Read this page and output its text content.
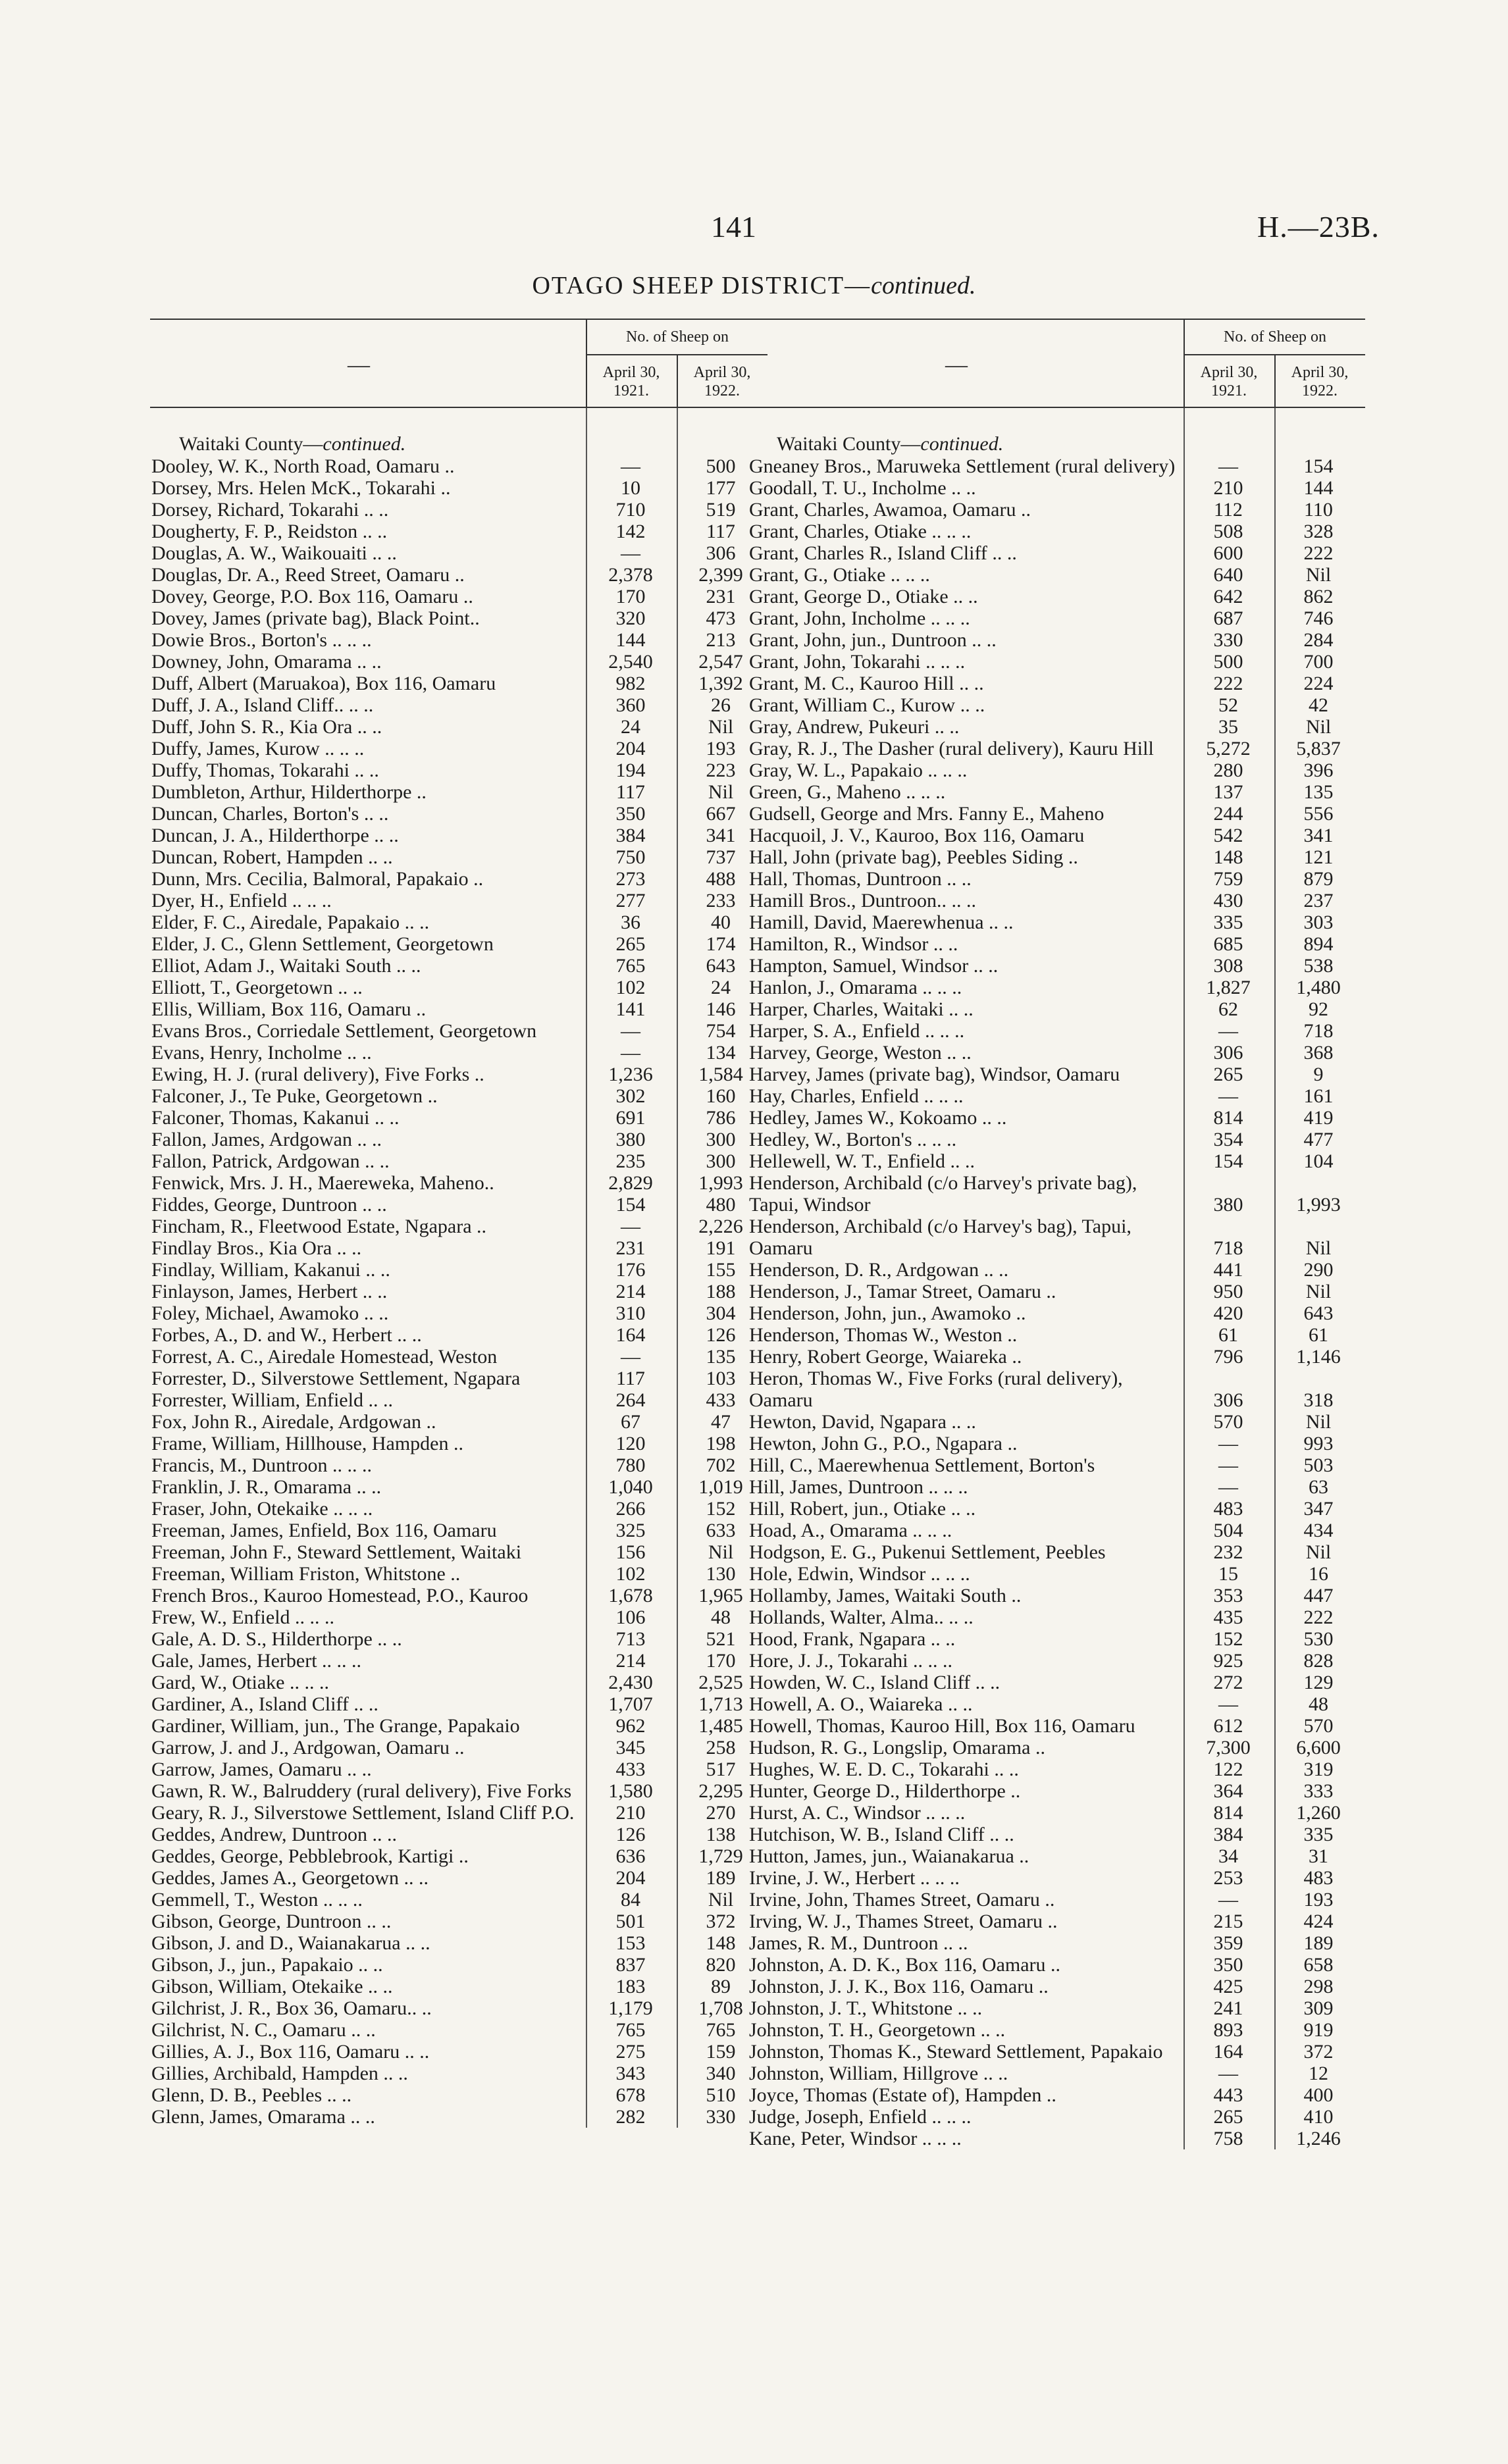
141	H.—23B.
OTAGO SHEEP DISTRICT—continued.
—
No. of Sheep on
April 30, 1921.
April 30, 1922.
Waitaki County—continued.
Dooley, W. K., North Road, Oamaru ..	—	500
Dorsey, Mrs. Helen McK., Tokarahi ..	10	177
Dorsey, Richard, Tokarahi .. ..	710	519
Dougherty, F. P., Reidston .. ..	142	117
Douglas, A. W., Waikouaiti .. ..	—	306
Douglas, Dr. A., Reed Street, Oamaru ..	2,378	2,399
Dovey, George, P.O. Box 116, Oamaru ..	170	231
Dovey, James (private bag), Black Point..	320	473
Dowie Bros., Borton's .. .. ..	144	213
Downey, John, Omarama .. ..	2,540	2,547
Duff, Albert (Maruakoa), Box 116, Oamaru	982	1,392
Duff, J. A., Island Cliff.. .. ..	360	26
Duff, John S. R., Kia Ora .. ..	24	Nil
Duffy, James, Kurow .. .. ..	204	193
Duffy, Thomas, Tokarahi .. ..	194	223
Dumbleton, Arthur, Hilderthorpe ..	117	Nil
Duncan, Charles, Borton's .. ..	350	667
Duncan, J. A., Hilderthorpe .. ..	384	341
Duncan, Robert, Hampden .. ..	750	737
Dunn, Mrs. Cecilia, Balmoral, Papakaio ..	273	488
Dyer, H., Enfield .. .. ..	277	233
Elder, F. C., Airedale, Papakaio .. ..	36	40
Elder, J. C., Glenn Settlement, Georgetown	265	174
Elliot, Adam J., Waitaki South .. ..	765	643
Elliott, T., Georgetown .. ..	102	24
Ellis, William, Box 116, Oamaru ..	141	146
Evans Bros., Corriedale Settlement, Georgetown	—	754
Evans, Henry, Incholme .. ..	—	134
Ewing, H. J. (rural delivery), Five Forks ..	1,236	1,584
Falconer, J., Te Puke, Georgetown ..	302	160
Falconer, Thomas, Kakanui .. ..	691	786
Fallon, James, Ardgowan .. ..	380	300
Fallon, Patrick, Ardgowan .. ..	235	300
Fenwick, Mrs. J. H., Maereweka, Maheno..	2,829	1,993
Fiddes, George, Duntroon .. ..	154	480
Fincham, R., Fleetwood Estate, Ngapara ..	—	2,226
Findlay Bros., Kia Ora .. ..	231	191
Findlay, William, Kakanui .. ..	176	155
Finlayson, James, Herbert .. ..	214	188
Foley, Michael, Awamoko .. ..	310	304
Forbes, A., D. and W., Herbert .. ..	164	126
Forrest, A. C., Airedale Homestead, Weston	—	135
Forrester, D., Silverstowe Settlement, Ngapara	117	103
Forrester, William, Enfield .. ..	264	433
Fox, John R., Airedale, Ardgowan ..	67	47
Frame, William, Hillhouse, Hampden ..	120	198
Francis, M., Duntroon .. .. ..	780	702
Franklin, J. R., Omarama .. ..	1,040	1,019
Fraser, John, Otekaike .. .. ..	266	152
Freeman, James, Enfield, Box 116, Oamaru	325	633
Freeman, John F., Steward Settlement, Waitaki	156	Nil
Freeman, William Friston, Whitstone ..	102	130
French Bros., Kauroo Homestead, P.O., Kauroo	1,678	1,965
Frew, W., Enfield .. .. ..	106	48
Gale, A. D. S., Hilderthorpe .. ..	713	521
Gale, James, Herbert .. .. ..	214	170
Gard, W., Otiake .. .. ..	2,430	2,525
Gardiner, A., Island Cliff .. ..	1,707	1,713
Gardiner, William, jun., The Grange, Papakaio	962	1,485
Garrow, J. and J., Ardgowan, Oamaru ..	345	258
Garrow, James, Oamaru .. ..	433	517
Gawn, R. W., Balruddery (rural delivery), Five Forks	1,580	2,295
Geary, R. J., Silverstowe Settlement, Island Cliff P.O.	210	270
Geddes, Andrew, Duntroon .. ..	126	138
Geddes, George, Pebblebrook, Kartigi ..	636	1,729
Geddes, James A., Georgetown .. ..	204	189
Gemmell, T., Weston .. .. ..	84	Nil
Gibson, George, Duntroon .. ..	501	372
Gibson, J. and D., Waianakarua .. ..	153	148
Gibson, J., jun., Papakaio .. ..	837	820
Gibson, William, Otekaike .. ..	183	89
Gilchrist, J. R., Box 36, Oamaru.. ..	1,179	1,708
Gilchrist, N. C., Oamaru .. ..	765	765
Gillies, A. J., Box 116, Oamaru .. ..	275	159
Gillies, Archibald, Hampden .. ..	343	340
Glenn, D. B., Peebles .. ..	678	510
Glenn, James, Omarama .. ..	282	330
—
No. of Sheep on
April 30, 1921.
April 30, 1922.
Waitaki County—continued.
Gneaney Bros., Maruweka Settlement (rural delivery)	—	154
Goodall, T. U., Incholme .. ..	210	144
Grant, Charles, Awamoa, Oamaru ..	112	110
Grant, Charles, Otiake .. .. ..	508	328
Grant, Charles R., Island Cliff .. ..	600	222
Grant, G., Otiake .. .. ..	640	Nil
Grant, George D., Otiake .. ..	642	862
Grant, John, Incholme .. .. ..	687	746
Grant, John, jun., Duntroon .. ..	330	284
Grant, John, Tokarahi .. .. ..	500	700
Grant, M. C., Kauroo Hill .. ..	222	224
Grant, William C., Kurow .. ..	52	42
Gray, Andrew, Pukeuri .. ..	35	Nil
Gray, R. J., The Dasher (rural delivery), Kauru Hill	5,272	5,837
Gray, W. L., Papakaio .. .. ..	280	396
Green, G., Maheno .. .. ..	137	135
Gudsell, George and Mrs. Fanny E., Maheno	244	556
Hacquoil, J. V., Kauroo, Box 116, Oamaru	542	341
Hall, John (private bag), Peebles Siding ..	148	121
Hall, Thomas, Duntroon .. ..	759	879
Hamill Bros., Duntroon.. .. ..	430	237
Hamill, David, Maerewhenua .. ..	335	303
Hamilton, R., Windsor .. ..	685	894
Hampton, Samuel, Windsor .. ..	308	538
Hanlon, J., Omarama .. .. ..	1,827	1,480
Harper, Charles, Waitaki .. ..	62	92
Harper, S. A., Enfield .. .. ..	—	718
Harvey, George, Weston .. ..	306	368
Harvey, James (private bag), Windsor, Oamaru	265	9
Hay, Charles, Enfield .. .. ..	—	161
Hedley, James W., Kokoamo .. ..	814	419
Hedley, W., Borton's .. .. ..	354	477
Hellewell, W. T., Enfield .. ..	154	104
Henderson, Archibald (c/o Harvey's private bag), Tapui, Windsor	380	1,993
Henderson, Archibald (c/o Harvey's bag), Tapui, Oamaru	718	Nil
Henderson, D. R., Ardgowan .. ..	441	290
Henderson, J., Tamar Street, Oamaru ..	950	Nil
Henderson, John, jun., Awamoko ..	420	643
Henderson, Thomas W., Weston ..	61	61
Henry, Robert George, Waiareka ..	796	1,146
Heron, Thomas W., Five Forks (rural delivery), Oamaru	306	318
Hewton, David, Ngapara .. ..	570	Nil
Hewton, John G., P.O., Ngapara ..	—	993
Hill, C., Maerewhenua Settlement, Borton's	—	503
Hill, James, Duntroon .. .. ..	—	63
Hill, Robert, jun., Otiake .. ..	483	347
Hoad, A., Omarama .. .. ..	504	434
Hodgson, E. G., Pukenui Settlement, Peebles	232	Nil
Hole, Edwin, Windsor .. .. ..	15	16
Hollamby, James, Waitaki South ..	353	447
Hollands, Walter, Alma.. .. ..	435	222
Hood, Frank, Ngapara .. ..	152	530
Hore, J. J., Tokarahi .. .. ..	925	828
Howden, W. C., Island Cliff .. ..	272	129
Howell, A. O., Waiareka .. ..	—	48
Howell, Thomas, Kauroo Hill, Box 116, Oamaru	612	570
Hudson, R. G., Longslip, Omarama ..	7,300	6,600
Hughes, W. E. D. C., Tokarahi .. ..	122	319
Hunter, George D., Hilderthorpe ..	364	333
Hurst, A. C., Windsor .. .. ..	814	1,260
Hutchison, W. B., Island Cliff .. ..	384	335
Hutton, James, jun., Waianakarua ..	34	31
Irvine, J. W., Herbert .. .. ..	253	483
Irvine, John, Thames Street, Oamaru ..	—	193
Irving, W. J., Thames Street, Oamaru ..	215	424
James, R. M., Duntroon .. ..	359	189
Johnston, A. D. K., Box 116, Oamaru ..	350	658
Johnston, J. J. K., Box 116, Oamaru ..	425	298
Johnston, J. T., Whitstone .. ..	241	309
Johnston, T. H., Georgetown .. ..	893	919
Johnston, Thomas K., Steward Settlement, Papakaio	164	372
Johnston, William, Hillgrove .. ..	—	12
Joyce, Thomas (Estate of), Hampden ..	443	400
Judge, Joseph, Enfield .. .. ..	265	410
Kane, Peter, Windsor .. .. ..	758	1,246
